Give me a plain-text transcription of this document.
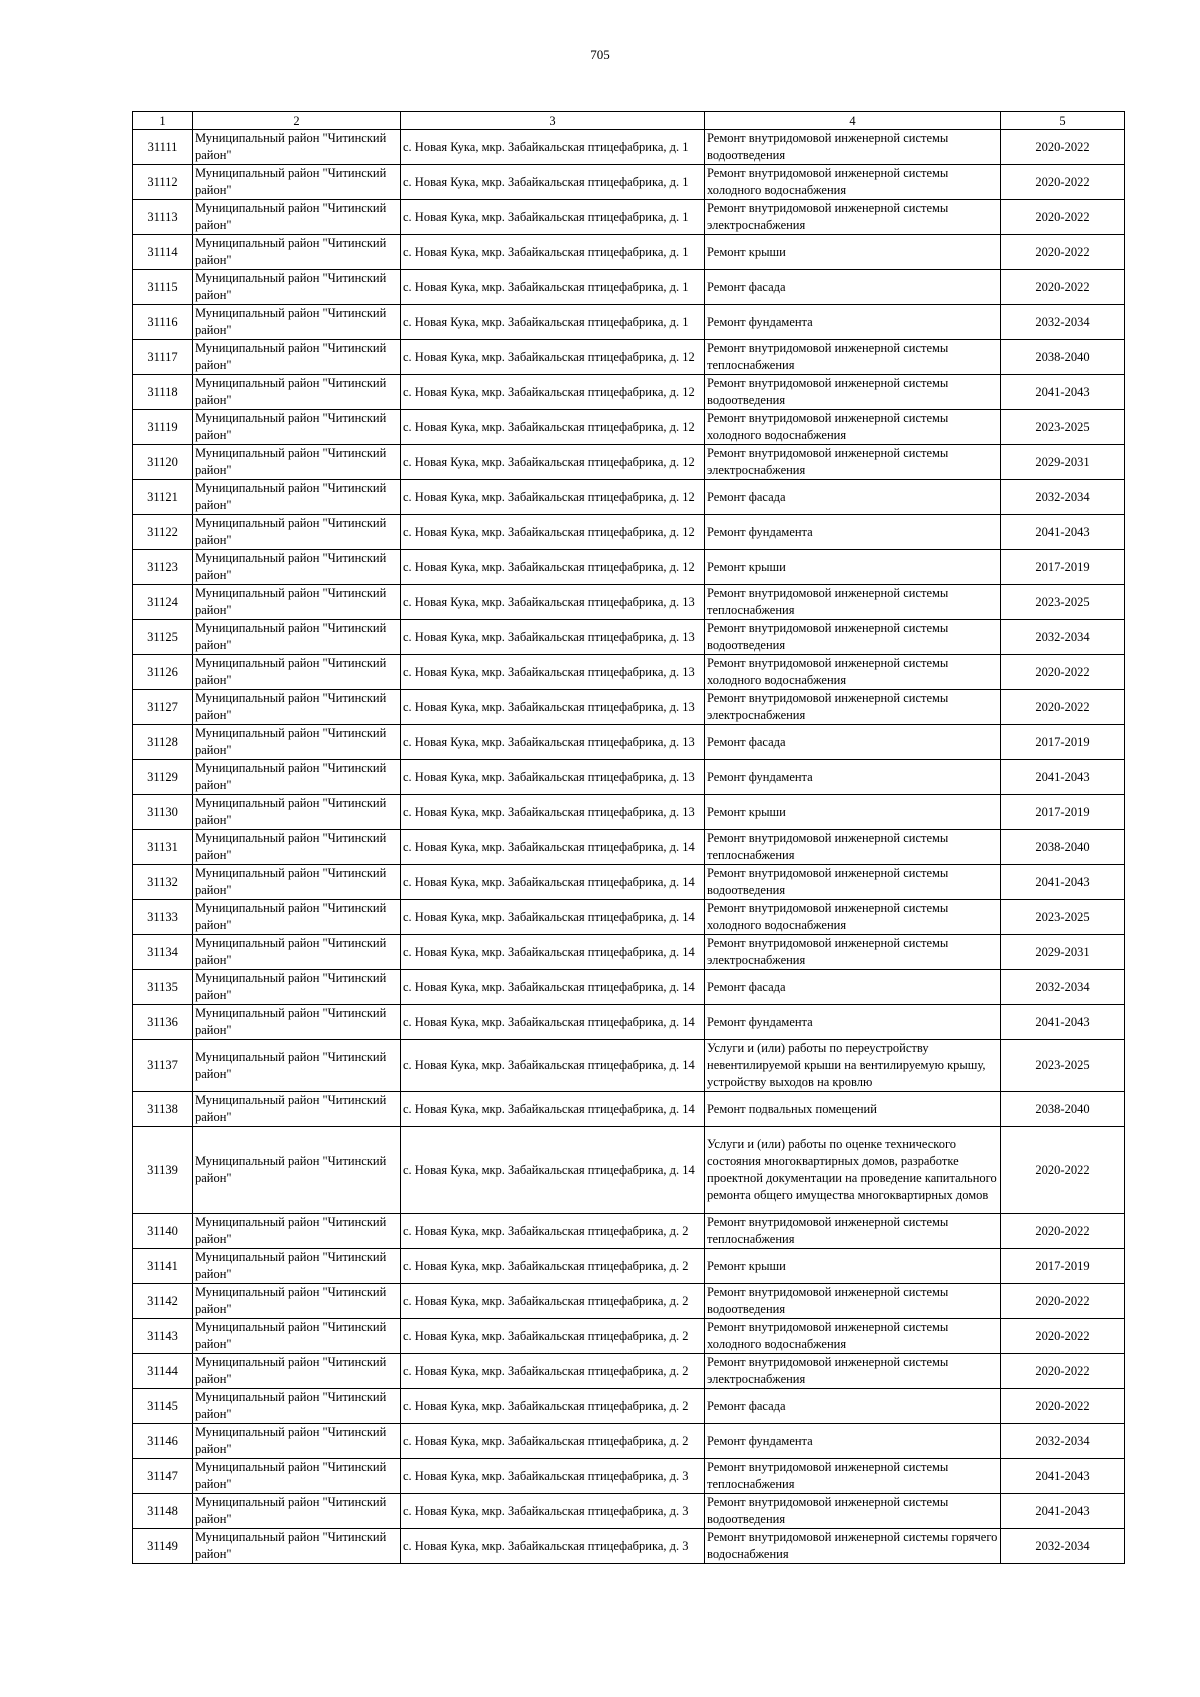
705
1	2	3	4	5
31111	Муниципальный район "Читинский район"	с. Новая Кука, мкр. Забайкальская птицефабрика, д. 1	Ремонт внутридомовой инженерной системы водоотведения	2020-2022
31112	Муниципальный район "Читинский район"	с. Новая Кука, мкр. Забайкальская птицефабрика, д. 1	Ремонт внутридомовой инженерной системы холодного водоснабжения	2020-2022
31113	Муниципальный район "Читинский район"	с. Новая Кука, мкр. Забайкальская птицефабрика, д. 1	Ремонт внутридомовой инженерной системы электроснабжения	2020-2022
31114	Муниципальный район "Читинский район"	с. Новая Кука, мкр. Забайкальская птицефабрика, д. 1	Ремонт крыши	2020-2022
31115	Муниципальный район "Читинский район"	с. Новая Кука, мкр. Забайкальская птицефабрика, д. 1	Ремонт фасада	2020-2022
31116	Муниципальный район "Читинский район"	с. Новая Кука, мкр. Забайкальская птицефабрика, д. 1	Ремонт фундамента	2032-2034
31117	Муниципальный район "Читинский район"	с. Новая Кука, мкр. Забайкальская птицефабрика, д. 12	Ремонт внутридомовой инженерной системы теплоснабжения	2038-2040
31118	Муниципальный район "Читинский район"	с. Новая Кука, мкр. Забайкальская птицефабрика, д. 12	Ремонт внутридомовой инженерной системы водоотведения	2041-2043
31119	Муниципальный район "Читинский район"	с. Новая Кука, мкр. Забайкальская птицефабрика, д. 12	Ремонт внутридомовой инженерной системы холодного водоснабжения	2023-2025
31120	Муниципальный район "Читинский район"	с. Новая Кука, мкр. Забайкальская птицефабрика, д. 12	Ремонт внутридомовой инженерной системы электроснабжения	2029-2031
31121	Муниципальный район "Читинский район"	с. Новая Кука, мкр. Забайкальская птицефабрика, д. 12	Ремонт фасада	2032-2034
31122	Муниципальный район "Читинский район"	с. Новая Кука, мкр. Забайкальская птицефабрика, д. 12	Ремонт фундамента	2041-2043
31123	Муниципальный район "Читинский район"	с. Новая Кука, мкр. Забайкальская птицефабрика, д. 12	Ремонт крыши	2017-2019
31124	Муниципальный район "Читинский район"	с. Новая Кука, мкр. Забайкальская птицефабрика, д. 13	Ремонт внутридомовой инженерной системы теплоснабжения	2023-2025
31125	Муниципальный район "Читинский район"	с. Новая Кука, мкр. Забайкальская птицефабрика, д. 13	Ремонт внутридомовой инженерной системы водоотведения	2032-2034
31126	Муниципальный район "Читинский район"	с. Новая Кука, мкр. Забайкальская птицефабрика, д. 13	Ремонт внутридомовой инженерной системы холодного водоснабжения	2020-2022
31127	Муниципальный район "Читинский район"	с. Новая Кука, мкр. Забайкальская птицефабрика, д. 13	Ремонт внутридомовой инженерной системы электроснабжения	2020-2022
31128	Муниципальный район "Читинский район"	с. Новая Кука, мкр. Забайкальская птицефабрика, д. 13	Ремонт фасада	2017-2019
31129	Муниципальный район "Читинский район"	с. Новая Кука, мкр. Забайкальская птицефабрика, д. 13	Ремонт фундамента	2041-2043
31130	Муниципальный район "Читинский район"	с. Новая Кука, мкр. Забайкальская птицефабрика, д. 13	Ремонт крыши	2017-2019
31131	Муниципальный район "Читинский район"	с. Новая Кука, мкр. Забайкальская птицефабрика, д. 14	Ремонт внутридомовой инженерной системы теплоснабжения	2038-2040
31132	Муниципальный район "Читинский район"	с. Новая Кука, мкр. Забайкальская птицефабрика, д. 14	Ремонт внутридомовой инженерной системы водоотведения	2041-2043
31133	Муниципальный район "Читинский район"	с. Новая Кука, мкр. Забайкальская птицефабрика, д. 14	Ремонт внутридомовой инженерной системы холодного водоснабжения	2023-2025
31134	Муниципальный район "Читинский район"	с. Новая Кука, мкр. Забайкальская птицефабрика, д. 14	Ремонт внутридомовой инженерной системы электроснабжения	2029-2031
31135	Муниципальный район "Читинский район"	с. Новая Кука, мкр. Забайкальская птицефабрика, д. 14	Ремонт фасада	2032-2034
31136	Муниципальный район "Читинский район"	с. Новая Кука, мкр. Забайкальская птицефабрика, д. 14	Ремонт фундамента	2041-2043
31137	Муниципальный район "Читинский район"	с. Новая Кука, мкр. Забайкальская птицефабрика, д. 14	Услуги и (или) работы по переустройству невентилируемой крыши на вентилируемую крышу, устройству выходов на кровлю	2023-2025
31138	Муниципальный район "Читинский район"	с. Новая Кука, мкр. Забайкальская птицефабрика, д. 14	Ремонт подвальных помещений	2038-2040
31139	Муниципальный район "Читинский район"	с. Новая Кука, мкр. Забайкальская птицефабрика, д. 14	Услуги и (или) работы по оценке технического состояния многоквартирных домов, разработке проектной документации на проведение капитального ремонта общего имущества многоквартирных домов	2020-2022
31140	Муниципальный район "Читинский район"	с. Новая Кука, мкр. Забайкальская птицефабрика, д. 2	Ремонт внутридомовой инженерной системы теплоснабжения	2020-2022
31141	Муниципальный район "Читинский район"	с. Новая Кука, мкр. Забайкальская птицефабрика, д. 2	Ремонт крыши	2017-2019
31142	Муниципальный район "Читинский район"	с. Новая Кука, мкр. Забайкальская птицефабрика, д. 2	Ремонт внутридомовой инженерной системы водоотведения	2020-2022
31143	Муниципальный район "Читинский район"	с. Новая Кука, мкр. Забайкальская птицефабрика, д. 2	Ремонт внутридомовой инженерной системы холодного водоснабжения	2020-2022
31144	Муниципальный район "Читинский район"	с. Новая Кука, мкр. Забайкальская птицефабрика, д. 2	Ремонт внутридомовой инженерной системы электроснабжения	2020-2022
31145	Муниципальный район "Читинский район"	с. Новая Кука, мкр. Забайкальская птицефабрика, д. 2	Ремонт фасада	2020-2022
31146	Муниципальный район "Читинский район"	с. Новая Кука, мкр. Забайкальская птицефабрика, д. 2	Ремонт фундамента	2032-2034
31147	Муниципальный район "Читинский район"	с. Новая Кука, мкр. Забайкальская птицефабрика, д. 3	Ремонт внутридомовой инженерной системы теплоснабжения	2041-2043
31148	Муниципальный район "Читинский район"	с. Новая Кука, мкр. Забайкальская птицефабрика, д. 3	Ремонт внутридомовой инженерной системы водоотведения	2041-2043
31149	Муниципальный район "Читинский район"	с. Новая Кука, мкр. Забайкальская птицефабрика, д. 3	Ремонт внутридомовой инженерной системы горячего водоснабжения	2032-2034
